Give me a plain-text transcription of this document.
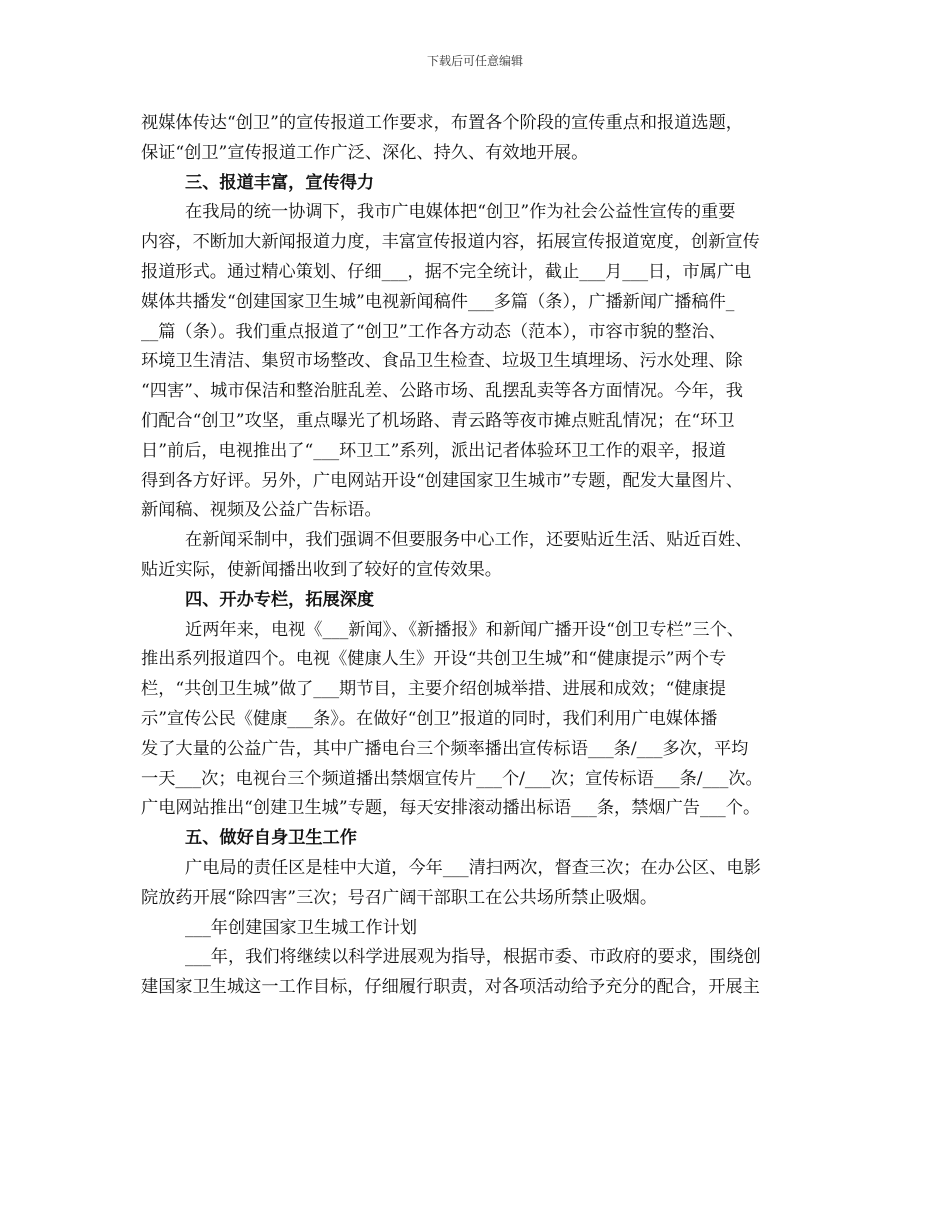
下载后可任意编辑
视媒体传达“创卫”的宣传报道工作要求，布置各个阶段的宣传重点和报道选题，
保证“创卫”宣传报道工作广泛、深化、持久、有效地开展。
三、报道丰富，宣传得力
在我局的统一协调下，我市广电媒体把“创卫”作为社会公益性宣传的重要
内容，不断加大新闻报道力度，丰富宣传报道内容，拓展宣传报道宽度，创新宣传
报道形式。通过精心策划、仔细___，据不完全统计，截止___月___日，市属广电
媒体共播发“创建国家卫生城”电视新闻稿件___多篇（条），广播新闻广播稿件_
__篇（条）。我们重点报道了“创卫”工作各方动态（范本），市容市貌的整治、
环境卫生清洁、集贸市场整改、食品卫生检查、垃圾卫生填埋场、污水处理、除
“四害”、城市保洁和整治脏乱差、公路市场、乱摆乱卖等各方面情况。今年，我
们配合“创卫”攻坚，重点曝光了机场路、青云路等夜市摊点赃乱情况；在“环卫
日”前后，电视推出了“___环卫工”系列，派出记者体验环卫工作的艰辛，报道
得到各方好评。另外，广电网站开设“创建国家卫生城市”专题，配发大量图片、
新闻稿、视频及公益广告标语。
在新闻采制中，我们强调不但要服务中心工作，还要贴近生活、贴近百姓、
贴近实际，使新闻播出收到了较好的宣传效果。
四、开办专栏，拓展深度
近两年来，电视《___新闻》、《新播报》和新闻广播开设“创卫专栏”三个、
推出系列报道四个。电视《健康人生》开设“共创卫生城”和“健康提示”两个专
栏，“共创卫生城”做了___期节目，主要介绍创城举措、进展和成效；“健康提
示”宣传公民《健康___条》。在做好“创卫”报道的同时，我们利用广电媒体播
发了大量的公益广告，其中广播电台三个频率播出宣传标语___条/___多次，平均
一天___次；电视台三个频道播出禁烟宣传片___个/___次；宣传标语___条/___次。
广电网站推出“创建卫生城”专题，每天安排滚动播出标语___条，禁烟广告___个。
五、做好自身卫生工作
广电局的责任区是桂中大道，今年___清扫两次，督查三次；在办公区、电影
院放药开展“除四害”三次；号召广阔干部职工在公共场所禁止吸烟。
___年创建国家卫生城工作计划
___年，我们将继续以科学进展观为指导，根据市委、市政府的要求，围绕创
建国家卫生城这一工作目标，仔细履行职责，对各项活动给予充分的配合，开展主
